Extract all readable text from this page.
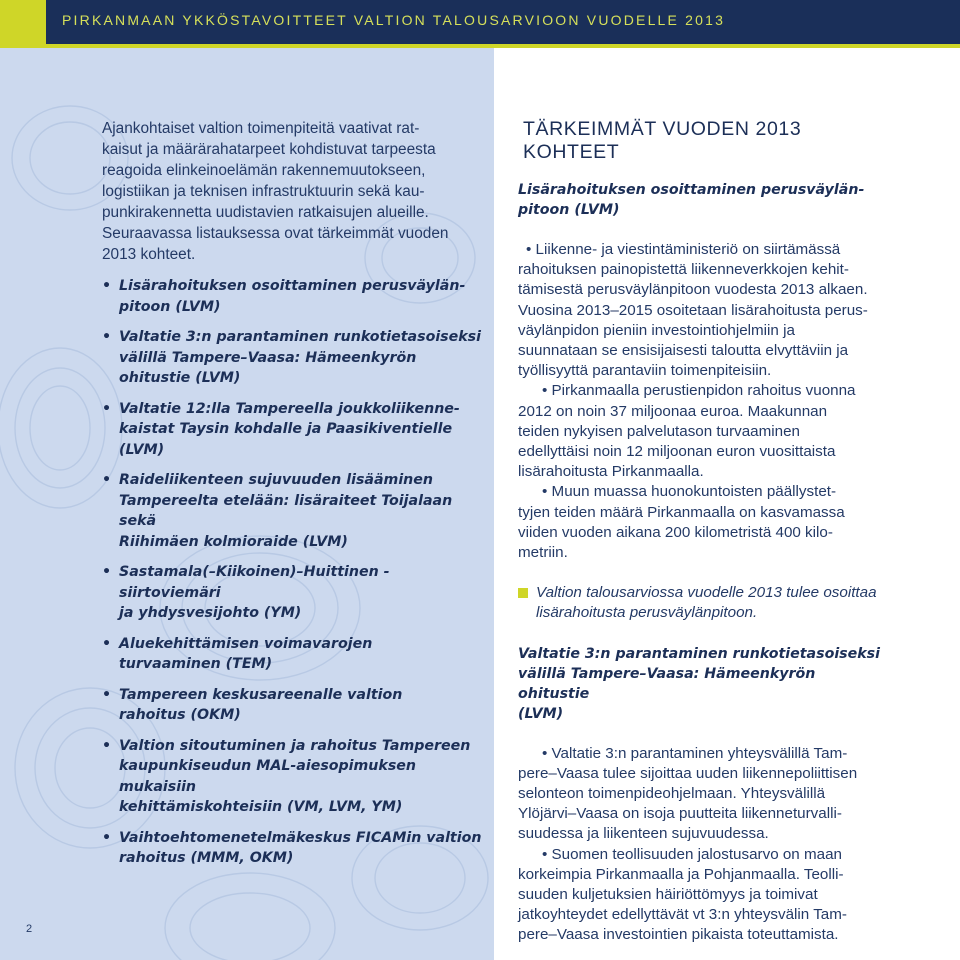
PIRKANMAAN YKKÖSTAVOITTEET VALTION TALOUSARVIOON VUODELLE 2013

Ajankohtaiset valtion toimenpiteitä vaativat rat-

kaisut ja määrärahatarpeet kohdistuvat tarpeesta

reagoida elinkeinoelämän rakennemuutokseen,

logistiikan ja teknisen infrastruktuurin sekä kau-

punkirakennetta uudistavien ratkaisujen alueille.

Seuraavassa listauksessa ovat tärkeimmät vuoden

2013 kohteet.

• Lisärahoituksen osoittaminen perusväylän-
pitoon (LVM)
• Valtatie 3:n parantaminen runkotietasoiseksi
välillä Tampere–Vaasa: Hämeenkyrön
ohitustie (LVM)
• Valtatie 12:lla Tampereella joukkoliikenne-
kaistat Taysin kohdalle ja Paasikiventielle (LVM)
• Raideliikenteen sujuvuuden lisääminen
Tampereelta etelään: lisäraiteet Toijalaan sekä
Riihimäen kolmioraide (LVM)
• Sastamala(–Kiikoinen)–Huittinen -siirtoviemäri
ja yhdysvesijohto (YM)
• Aluekehittämisen voimavarojen
turvaaminen (TEM)
• Tampereen keskusareenalle valtion
rahoitus (OKM)
• Valtion sitoutuminen ja rahoitus Tampereen
kaupunkiseudun MAL-aiesopimuksen mukaisiin
kehittämiskohteisiin (VM, LVM, YM)
• Vaihtoehtomenetelmäkeskus FICAMin valtion
rahoitus (MMM, OKM)
TÄRKEIMMÄT VUODEN 2013 KOHTEET

Lisärahoituksen osoittaminen perusväylän-
pitoon (LVM)

• Liikenne- ja viestintäministeriö on siirtämässä

rahoituksen painopistettä liikenneverkkojen kehit-

tämisestä perusväylänpitoon vuodesta 2013 alkaen.

Vuosina 2013–2015 osoitetaan lisärahoitusta perus-

väylänpidon pieniin investointiohjelmiin ja

suunnataan se ensisijaisesti taloutta elvyttäviin ja

työllisyyttä parantaviin toimenpiteisiin.

• Pirkanmaalla perustienpidon rahoitus vuonna

2012 on noin 37 miljoonaa euroa. Maakunnan

teiden nykyisen palvelutason turvaaminen

edellyttäisi noin 12 miljoonan euron vuosittaista

lisärahoitusta Pirkanmaalla.

• Muun muassa huonokuntoisten päällystet-

tyjen teiden määrä Pirkanmaalla on kasvamassa

viiden vuoden aikana 200 kilometristä 400 kilo-

metriin.

Valtion talousarviossa vuodelle 2013 tulee osoittaa
lisärahoitusta perusväylänpitoon.

Valtatie 3:n parantaminen runkotietasoiseksi
välillä Tampere–Vaasa: Hämeenkyrön ohitustie
(LVM)

• Valtatie 3:n parantaminen yhteysvälillä Tam-

pere–Vaasa tulee sijoittaa uuden liikennepoliittisen

selonteon toimenpideohjelmaan. Yhteysvälillä

Ylöjärvi–Vaasa on isoja puutteita liikenneturvalli-

suudessa ja liikenteen sujuvuudessa.

• Suomen teollisuuden jalostusarvo on maan

korkeimpia Pirkanmaalla ja Pohjanmaalla. Teolli-

suuden kuljetuksien häiriöttömyys ja toimivat

jatkoyhteydet edellyttävät vt 3:n yhteysvälin Tam-

pere–Vaasa investointien pikaista toteuttamista.

2
